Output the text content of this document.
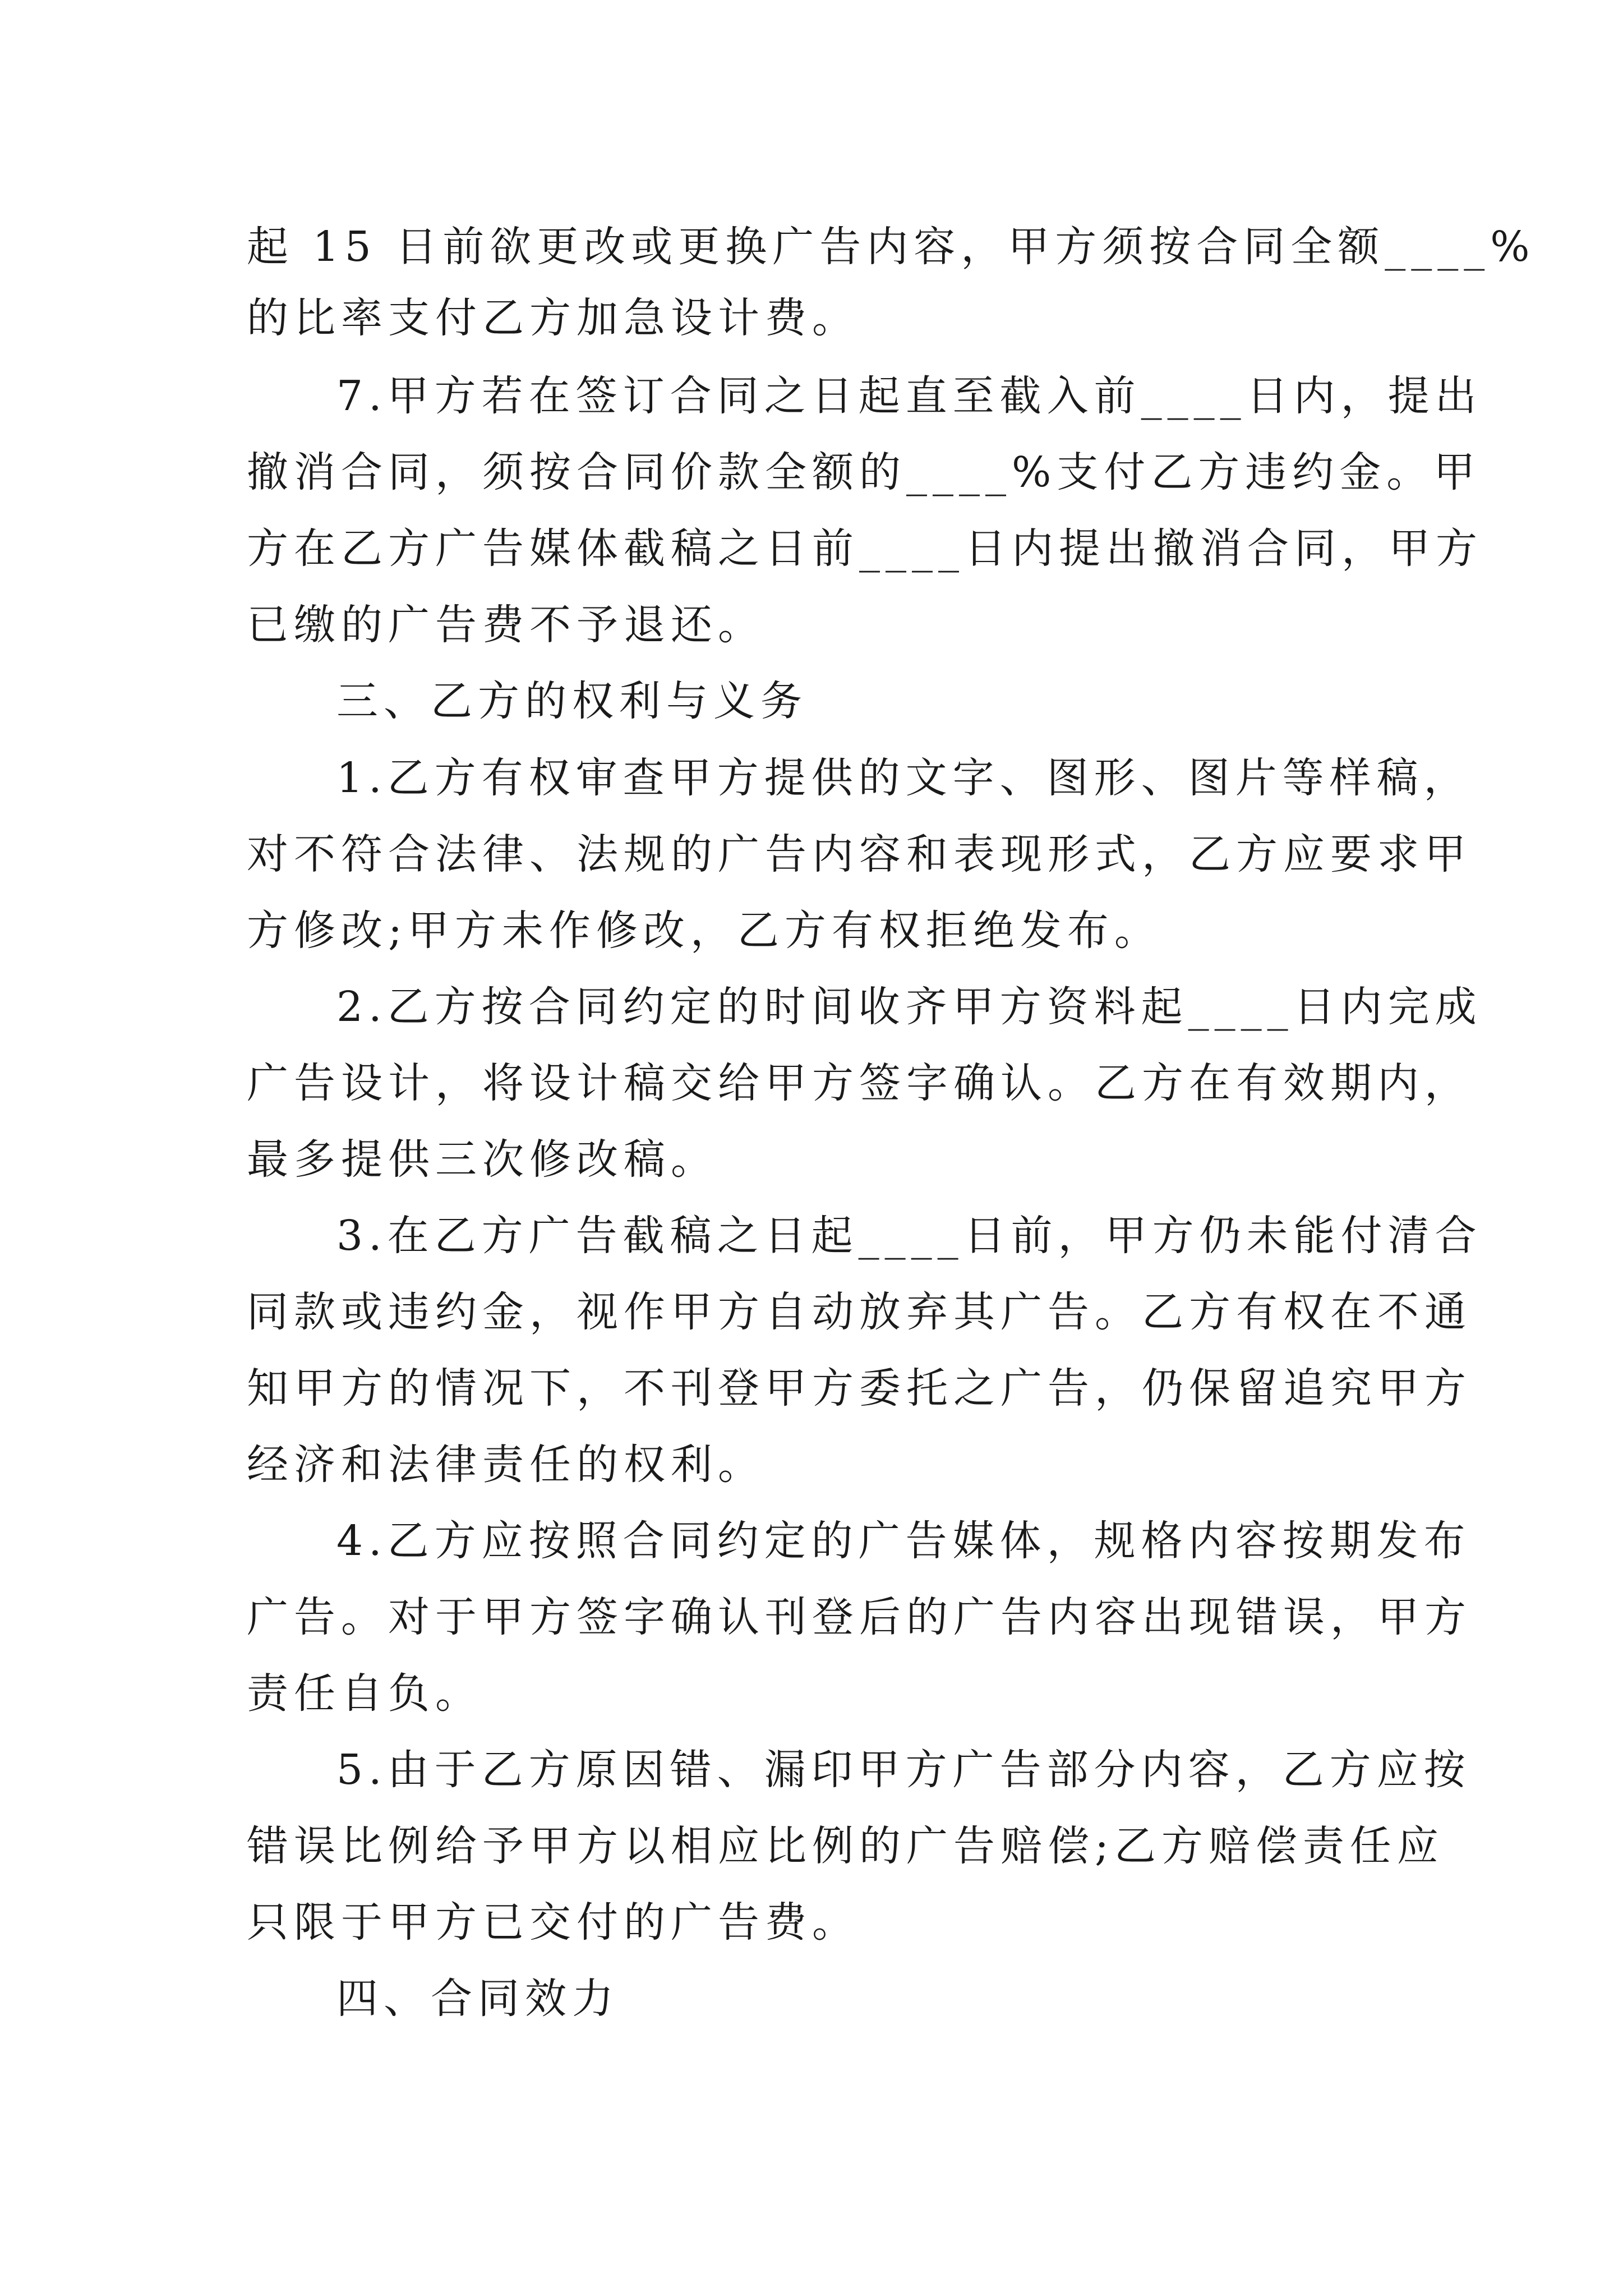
起 15 日前欲更改或更换广告内容，甲方须按合同全额____%
的比率支付乙方加急设计费。
7.甲方若在签订合同之日起直至截入前____日内，提出
撤消合同，须按合同价款全额的____%支付乙方违约金。甲
方在乙方广告媒体截稿之日前____日内提出撤消合同，甲方
已缴的广告费不予退还。
三、乙方的权利与义务
1.乙方有权审查甲方提供的文字、图形、图片等样稿，
对不符合法律、法规的广告内容和表现形式，乙方应要求甲
方修改;甲方未作修改，乙方有权拒绝发布。
2.乙方按合同约定的时间收齐甲方资料起____日内完成
广告设计，将设计稿交给甲方签字确认。乙方在有效期内，
最多提供三次修改稿。
3.在乙方广告截稿之日起____日前，甲方仍未能付清合
同款或违约金，视作甲方自动放弃其广告。乙方有权在不通
知甲方的情况下，不刊登甲方委托之广告，仍保留追究甲方
经济和法律责任的权利。
4.乙方应按照合同约定的广告媒体，规格内容按期发布
广告。对于甲方签字确认刊登后的广告内容出现错误，甲方
责任自负。
5.由于乙方原因错、漏印甲方广告部分内容，乙方应按
错误比例给予甲方以相应比例的广告赔偿;乙方赔偿责任应
只限于甲方已交付的广告费。
四、合同效力
